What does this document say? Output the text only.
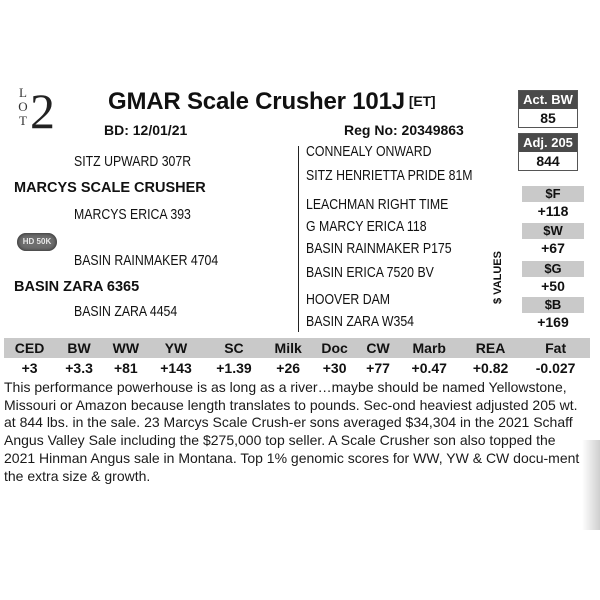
L
O
T 2 GMAR Scale Crusher 101J [ET]
BD: 12/01/21	Reg No: 20349863
Act. BW
85
Adj. 205
844
SITZ UPWARD 307R
MARCYS SCALE CRUSHER
MARCYS ERICA 393
HD 50K
BASIN RAINMAKER 4704
BASIN ZARA 6365
BASIN ZARA 4454
CONNEALY ONWARD
SITZ HENRIETTA PRIDE 81M
LEACHMAN RIGHT TIME
G MARCY ERICA 118
BASIN RAINMAKER P175
BASIN ERICA 7520 BV
HOOVER DAM
BASIN ZARA W354
$ VALUES
$F
+118
$W
+67
$G
+50
$B
+169
CED	BW	WW	YW	SC	Milk	Doc	CW	Marb	REA	Fat
+3	+3.3	+81	+143	+1.39	+26	+30	+77	+0.47	+0.82	-0.027
This performance powerhouse is as long as a river…maybe should be named Yellowstone, Missouri or Amazon because length translates to pounds. Sec-ond heaviest adjusted 205 wt. at 844 lbs. in the sale. 23 Marcys Scale Crush-er sons averaged $34,304 in the 2021 Schaff Angus Valley Sale including the $275,000 top seller. A Scale Crusher son also topped the 2021 Hinman Angus sale in Montana. Top 1% genomic scores for WW, YW & CW docu-ment the extra size & growth.
